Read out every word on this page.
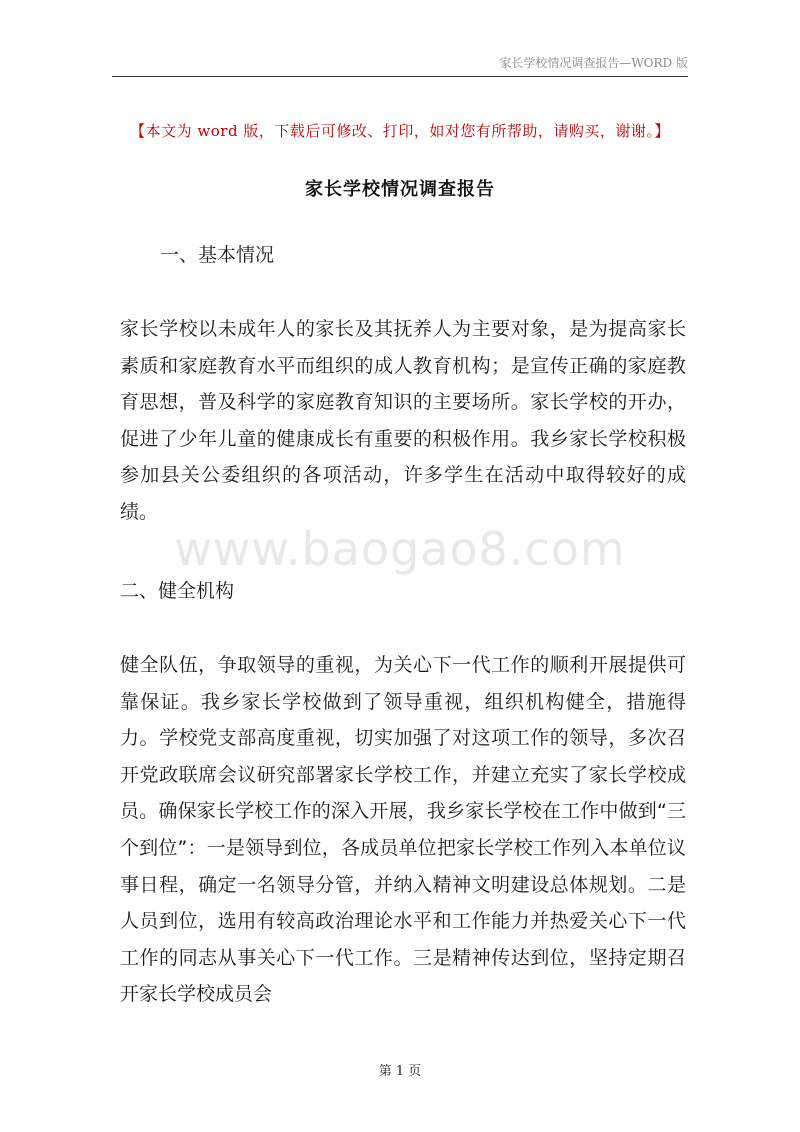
家长学校情况调查报告—WORD 版
【本文为 word 版，下载后可修改、打印，如对您有所帮助，请购买，谢谢。】
家长学校情况调查报告
一、基本情况

家长学校以未成年人的家长及其抚养人为主要对象，是为提高家长素质和家庭教育水平而组织的成人教育机构；是宣传正确的家庭教育思想，普及科学的家庭教育知识的主要场所。家长学校的开办，促进了少年儿童的健康成长有重要的积极作用。我乡家长学校积极参加县关公委组织的各项活动，许多学生在活动中取得较好的成绩。

www.baogao8.com
二、健全机构

健全队伍，争取领导的重视，为关心下一代工作的顺利开展提供可靠保证。我乡家长学校做到了领导重视，组织机构健全，措施得力。学校党支部高度重视，切实加强了对这项工作的领导，多次召开党政联席会议研究部署家长学校工作，并建立充实了家长学校成员。确保家长学校工作的深入开展，我乡家长学校在工作中做到“三个到位”：一是领导到位，各成员单位把家长学校工作列入本单位议事日程，确定一名领导分管，并纳入精神文明建设总体规划。二是人员到位，选用有较高政治理论水平和工作能力并热爱关心下一代工作的同志从事关心下一代工作。三是精神传达到位，坚持定期召开家长学校成员会

第 1 页
